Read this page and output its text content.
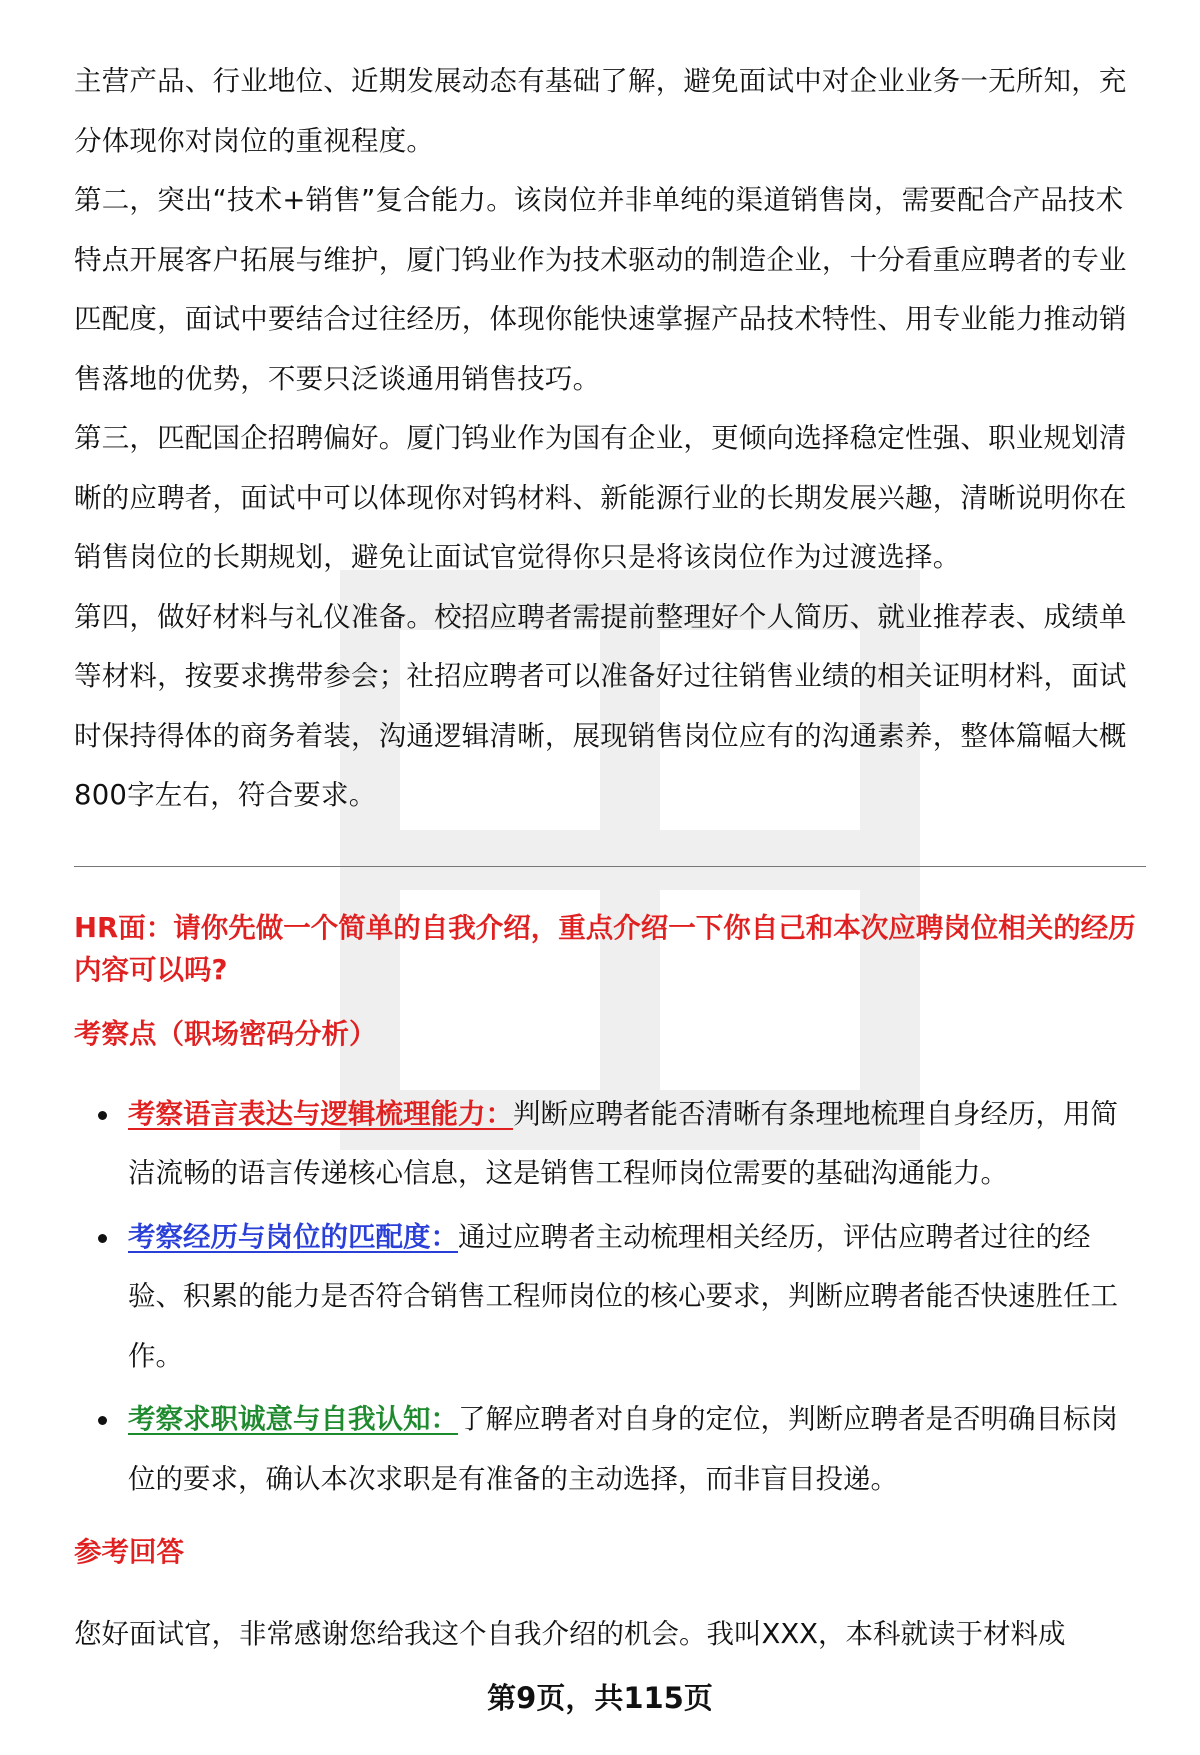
主营产品、行业地位、近期发展动态有基础了解，避免面试中对企业业务一无所知，充分体现你对岗位的重视程度。

第二，突出“技术+销售”复合能力。该岗位并非单纯的渠道销售岗，需要配合产品技术特点开展客户拓展与维护，厦门钨业作为技术驱动的制造企业，十分看重应聘者的专业匹配度，面试中要结合过往经历，体现你能快速掌握产品技术特性、用专业能力推动销售落地的优势，不要只泛谈通用销售技巧。

第三，匹配国企招聘偏好。厦门钨业作为国有企业，更倾向选择稳定性强、职业规划清晰的应聘者，面试中可以体现你对钨材料、新能源行业的长期发展兴趣，清晰说明你在销售岗位的长期规划，避免让面试官觉得你只是将该岗位作为过渡选择。

第四，做好材料与礼仪准备。校招应聘者需提前整理好个人简历、就业推荐表、成绩单等材料，按要求携带参会；社招应聘者可以准备好过往销售业绩的相关证明材料，面试时保持得体的商务着装，沟通逻辑清晰，展现销售岗位应有的沟通素养，整体篇幅大概800字左右，符合要求。

HR面：请你先做一个简单的自我介绍，重点介绍一下你自己和本次应聘岗位相关的经历内容可以吗?

考察点（职场密码分析）

考察语言表达与逻辑梳理能力：判断应聘者能否清晰有条理地梳理自身经历，用简洁流畅的语言传递核心信息，这是销售工程师岗位需要的基础沟通能力。
考察经历与岗位的匹配度：通过应聘者主动梳理相关经历，评估应聘者过往的经验、积累的能力是否符合销售工程师岗位的核心要求，判断应聘者能否快速胜任工作。
考察求职诚意与自我认知：了解应聘者对自身的定位，判断应聘者是否明确目标岗位的要求，确认本次求职是有准备的主动选择，而非盲目投递。

参考回答

您好面试官，非常感谢您给我这个自我介绍的机会。我叫XXX，本科就读于材料成

第9页，共115页
